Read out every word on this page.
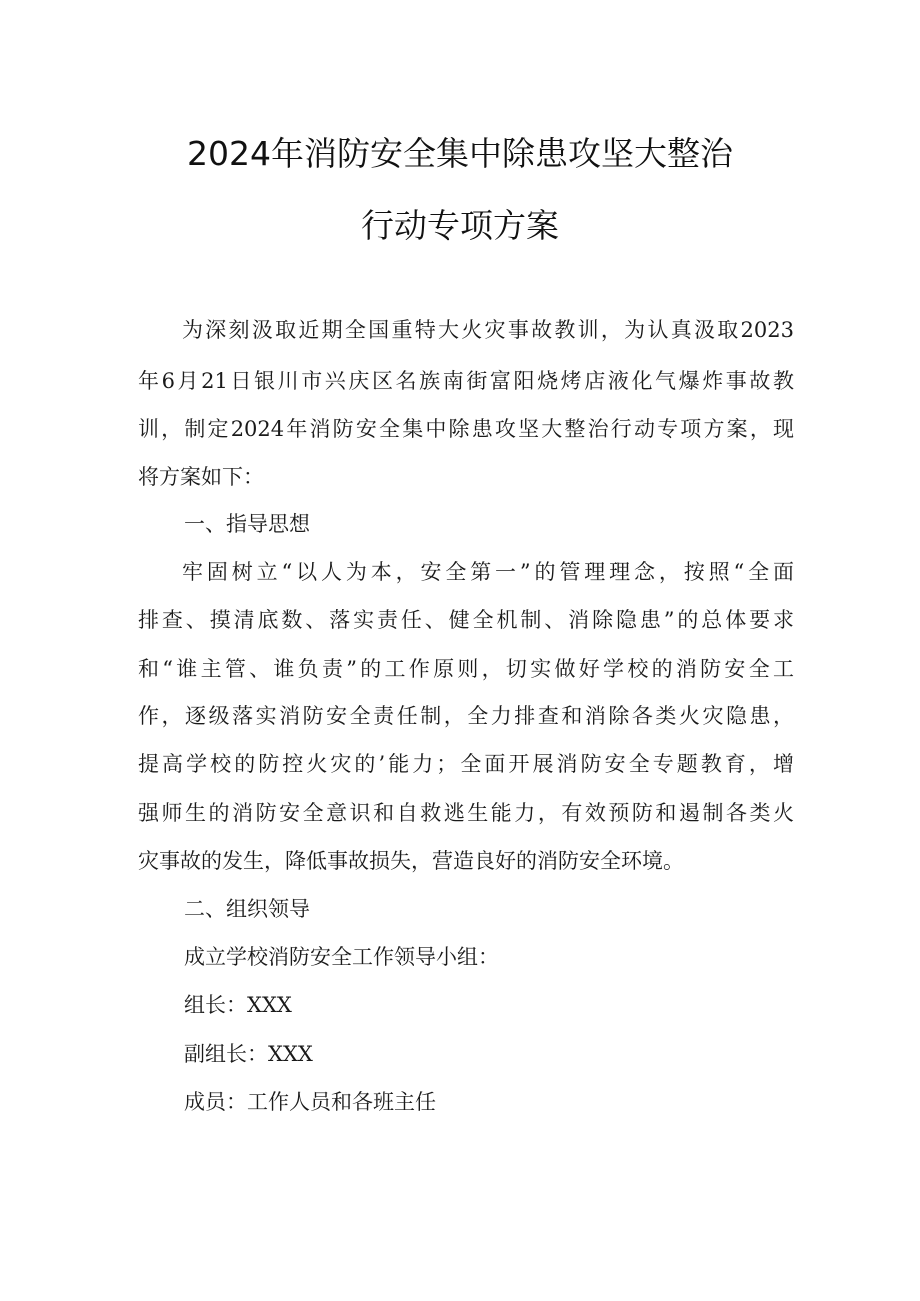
2024年消防安全集中除患攻坚大整治
行动专项方案
为深刻汲取近期全国重特大火灾事故教训，为认真汲取2023
年6月21日银川市兴庆区名族南街富阳烧烤店液化气爆炸事故教
训，制定2024年消防安全集中除患攻坚大整治行动专项方案，现
将方案如下：
一、指导思想
牢固树立“以人为本，安全第一”的管理理念，按照“全面
排查、摸清底数、落实责任、健全机制、消除隐患”的总体要求
和“谁主管、谁负责”的工作原则，切实做好学校的消防安全工
作，逐级落实消防安全责任制，全力排查和消除各类火灾隐患，
提高学校的防控火灾的’能力；全面开展消防安全专题教育，增
强师生的消防安全意识和自救逃生能力，有效预防和遏制各类火
灾事故的发生，降低事故损失，营造良好的消防安全环境。
二、组织领导
成立学校消防安全工作领导小组：
组长：XXX
副组长：XXX
成员：工作人员和各班主任
